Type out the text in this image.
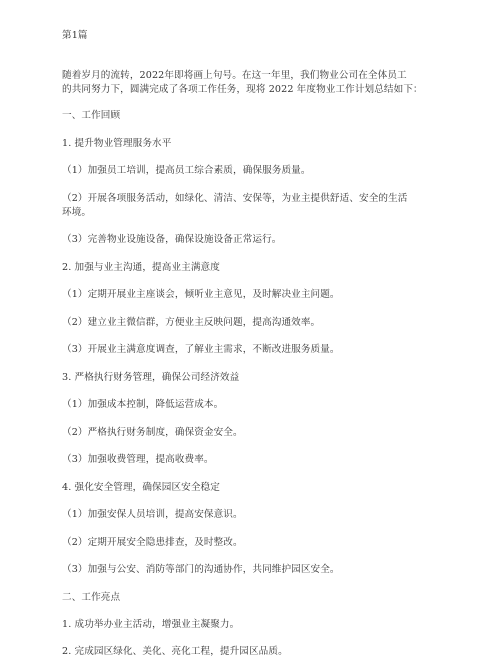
第1篇
随着岁月的流转，2022年即将画上句号。在这一年里，我们物业公司在全体员工
的共同努力下，圆满完成了各项工作任务，现将 2022 年度物业工作计划总结如下：
一、工作回顾
1. 提升物业管理服务水平
（1）加强员工培训，提高员工综合素质，确保服务质量。
（2）开展各项服务活动，如绿化、清洁、安保等，为业主提供舒适、安全的生活
环境。
（3）完善物业设施设备，确保设施设备正常运行。
2. 加强与业主沟通，提高业主满意度
（1）定期开展业主座谈会，倾听业主意见，及时解决业主问题。
（2）建立业主微信群，方便业主反映问题，提高沟通效率。
（3）开展业主满意度调查，了解业主需求，不断改进服务质量。
3. 严格执行财务管理，确保公司经济效益
（1）加强成本控制，降低运营成本。
（2）严格执行财务制度，确保资金安全。
（3）加强收费管理，提高收费率。
4. 强化安全管理，确保园区安全稳定
（1）加强安保人员培训，提高安保意识。
（2）定期开展安全隐患排查，及时整改。
（3）加强与公安、消防等部门的沟通协作，共同维护园区安全。
二、工作亮点
1. 成功举办业主活动，增强业主凝聚力。
2. 完成园区绿化、美化、亮化工程，提升园区品质。
